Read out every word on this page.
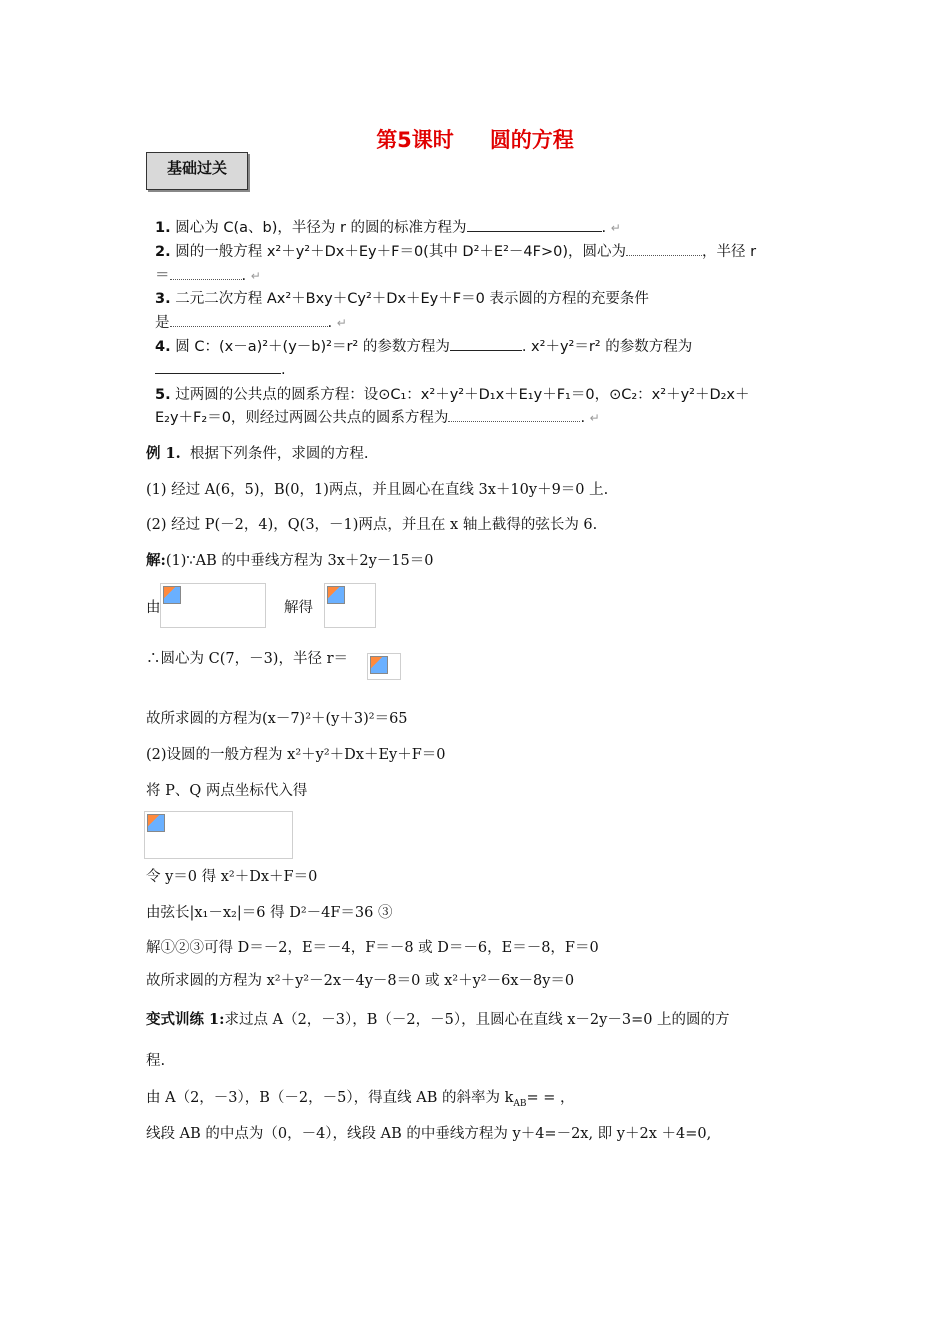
第5课时 圆的方程
基础过关
1. 圆心为 C(a、b)，半径为 r 的圆的标准方程为	. ↵
2. 圆的一般方程 x²＋y²＋Dx＋Ey＋F＝0(其中 D²＋E²－4F>0)，圆心为	，半径 r
＝	. ↵
3. 二元二次方程 Ax²＋Bxy＋Cy²＋Dx＋Ey＋F＝0 表示圆的方程的充要条件
是	. ↵
4. 圆 C：(x－a)²＋(y－b)²＝r² 的参数方程为	. x²＋y²＝r² 的参数方程为
.
5. 过两圆的公共点的圆系方程：设⊙C₁：x²＋y²＋D₁x＋E₁y＋F₁＝0，⊙C₂：x²＋y²＋D₂x＋
E₂y＋F₂＝0，则经过两圆公共点的圆系方程为	. ↵
例 1. 根据下列条件，求圆的方程.
(1) 经过 A(6，5)，B(0，1)两点，并且圆心在直线 3x＋10y＋9＝0 上.
(2) 经过 P(－2，4)，Q(3，－1)两点，并且在 x 轴上截得的弦长为 6.
解:(1)∵AB 的中垂线方程为 3x＋2y－15＝0
由	解得
∴圆心为 C(7，－3)，半径 r＝
故所求圆的方程为(x－7)²＋(y＋3)²＝65
(2)设圆的一般方程为 x²＋y²＋Dx＋Ey＋F＝0
将 P、Q 两点坐标代入得
令 y＝0 得 x²＋Dx＋F＝0
由弦长|x₁－x₂|＝6 得 D²－4F＝36 ③
解①②③可得 D＝－2，E＝－4，F＝－8 或 D＝－6，E＝－8，F＝0
故所求圆的方程为 x²＋y²－2x－4y－8＝0 或 x²＋y²－6x－8y＝0
变式训练 1:求过点 A（2，－3），B（－2，－5），且圆心在直线 x－2y－3=0 上的圆的方
程.
由 A（2，－3），B（－2，－5），得直线 AB 的斜率为 $k_{AB}=$ = ，
线段 AB 的中点为（0，－4），线段 AB 的中垂线方程为 y＋4=－2x, 即 y＋2x ＋4=0,
